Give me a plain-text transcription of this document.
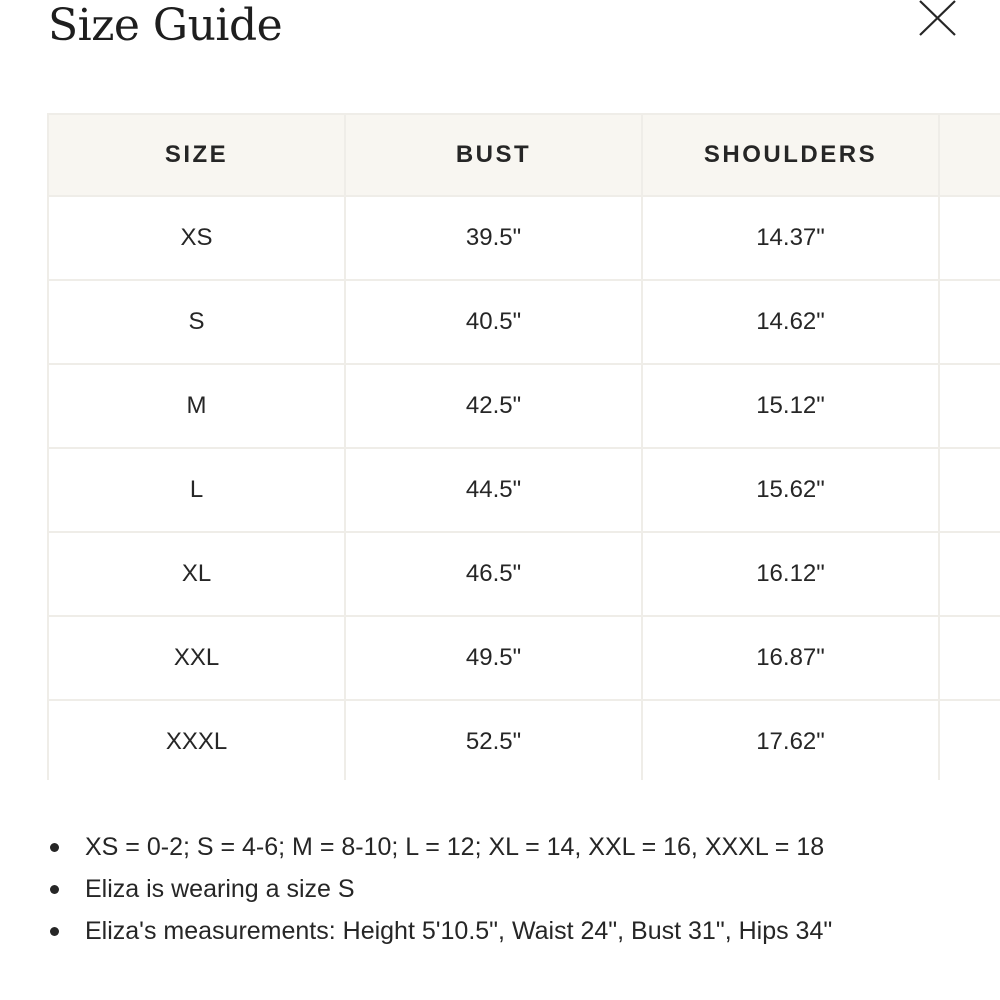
Size Guide
SIZE	BUST	SHOULDERS	
XS	39.5"	14.37"	
S	40.5"	14.62"	
M	42.5"	15.12"	
L	44.5"	15.62"	
XL	46.5"	16.12"	
XXL	49.5"	16.87"	
XXXL	52.5"	17.62"	
XS = 0-2; S = 4-6; M = 8-10; L = 12; XL = 14, XXL = 16, XXXL = 18
Eliza is wearing a size S
Eliza's measurements: Height 5'10.5", Waist 24", Bust 31", Hips 34"
